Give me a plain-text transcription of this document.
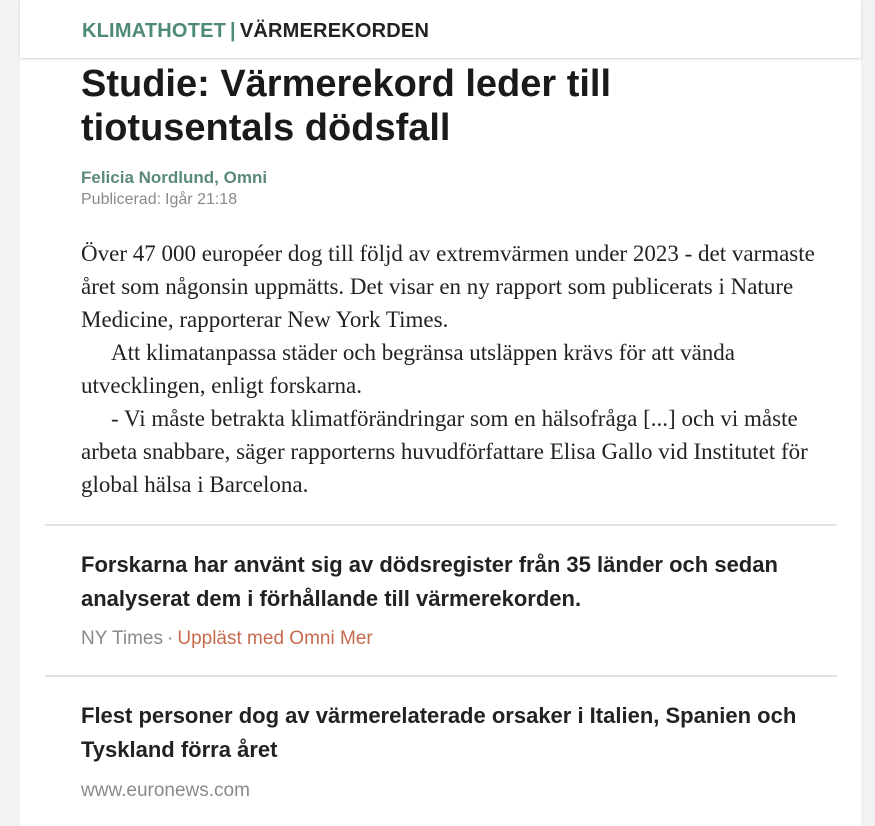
KLIMATHOTET | VÄRMEREKORDEN
Studie: Värmerekord leder till tiotusentals dödsfall
Felicia Nordlund, Omni
Publicerad: Igår 21:18

Över 47 000 européer dog till följd av extremvärmen under 2023 - det varmaste året som någonsin uppmätts. Det visar en ny rapport som publicerats i Nature Medicine, rapporterar New York Times.

Att klimatanpassa städer och begränsa utsläppen krävs för att vända utvecklingen, enligt forskarna.

- Vi måste betrakta klimatförändringar som en hälsofråga [...] och vi måste arbeta snabbare, säger rapporterns huvudförfattare Elisa Gallo vid Institutet för global hälsa i Barcelona.

Forskarna har använt sig av dödsregister från 35 länder och sedan analyserat dem i förhållande till värmerekorden.
NY Times · Uppläst med Omni Mer
Flest personer dog av värmerelaterade orsaker i Italien, Spanien och Tyskland förra året
www.euronews.com
